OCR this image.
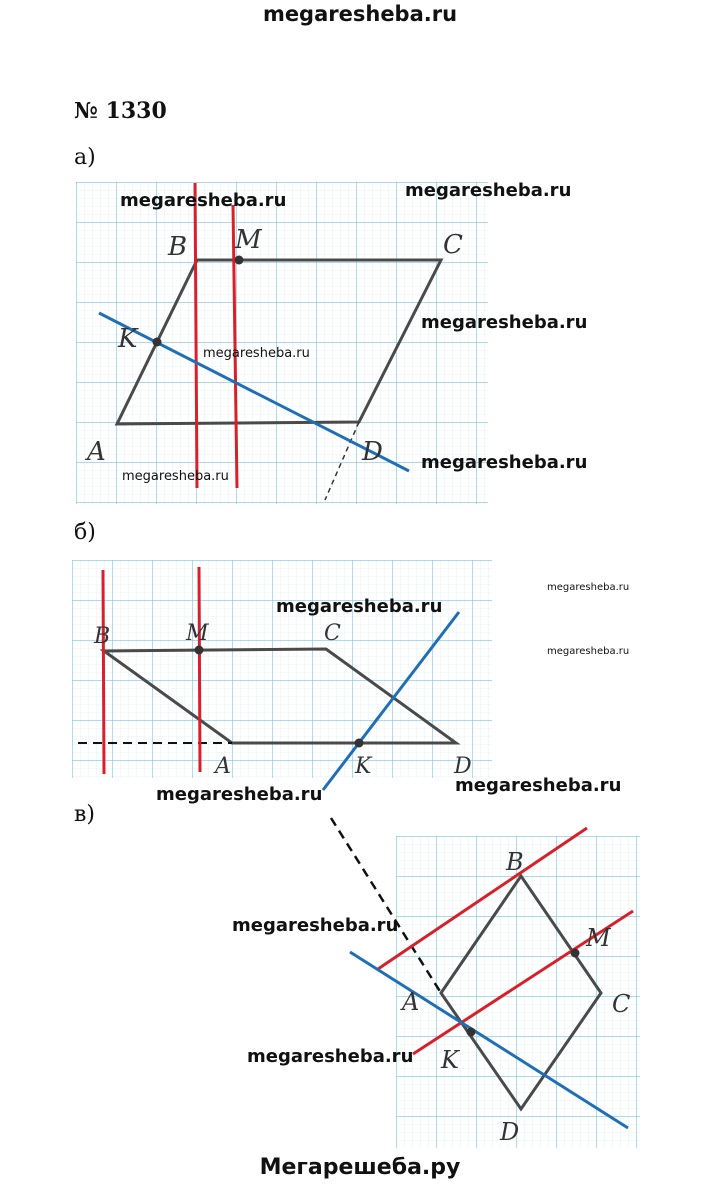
megaresheba.ru
№ 1330
а)
б)
в)
A
B	C
D
K
M
B	M	C
A	K	D
B
M
C
A
K
D
megaresheba.ru	megaresheba.ru
megaresheba.ru
megaresheba.ru
megaresheba.ru
megaresheba.ru
megaresheba.ru
megaresheba.ru
megaresheba.ru
megaresheba.ru	megaresheba.ru
megaresheba.ru
megaresheba.ru
Мегарешеба.ру
